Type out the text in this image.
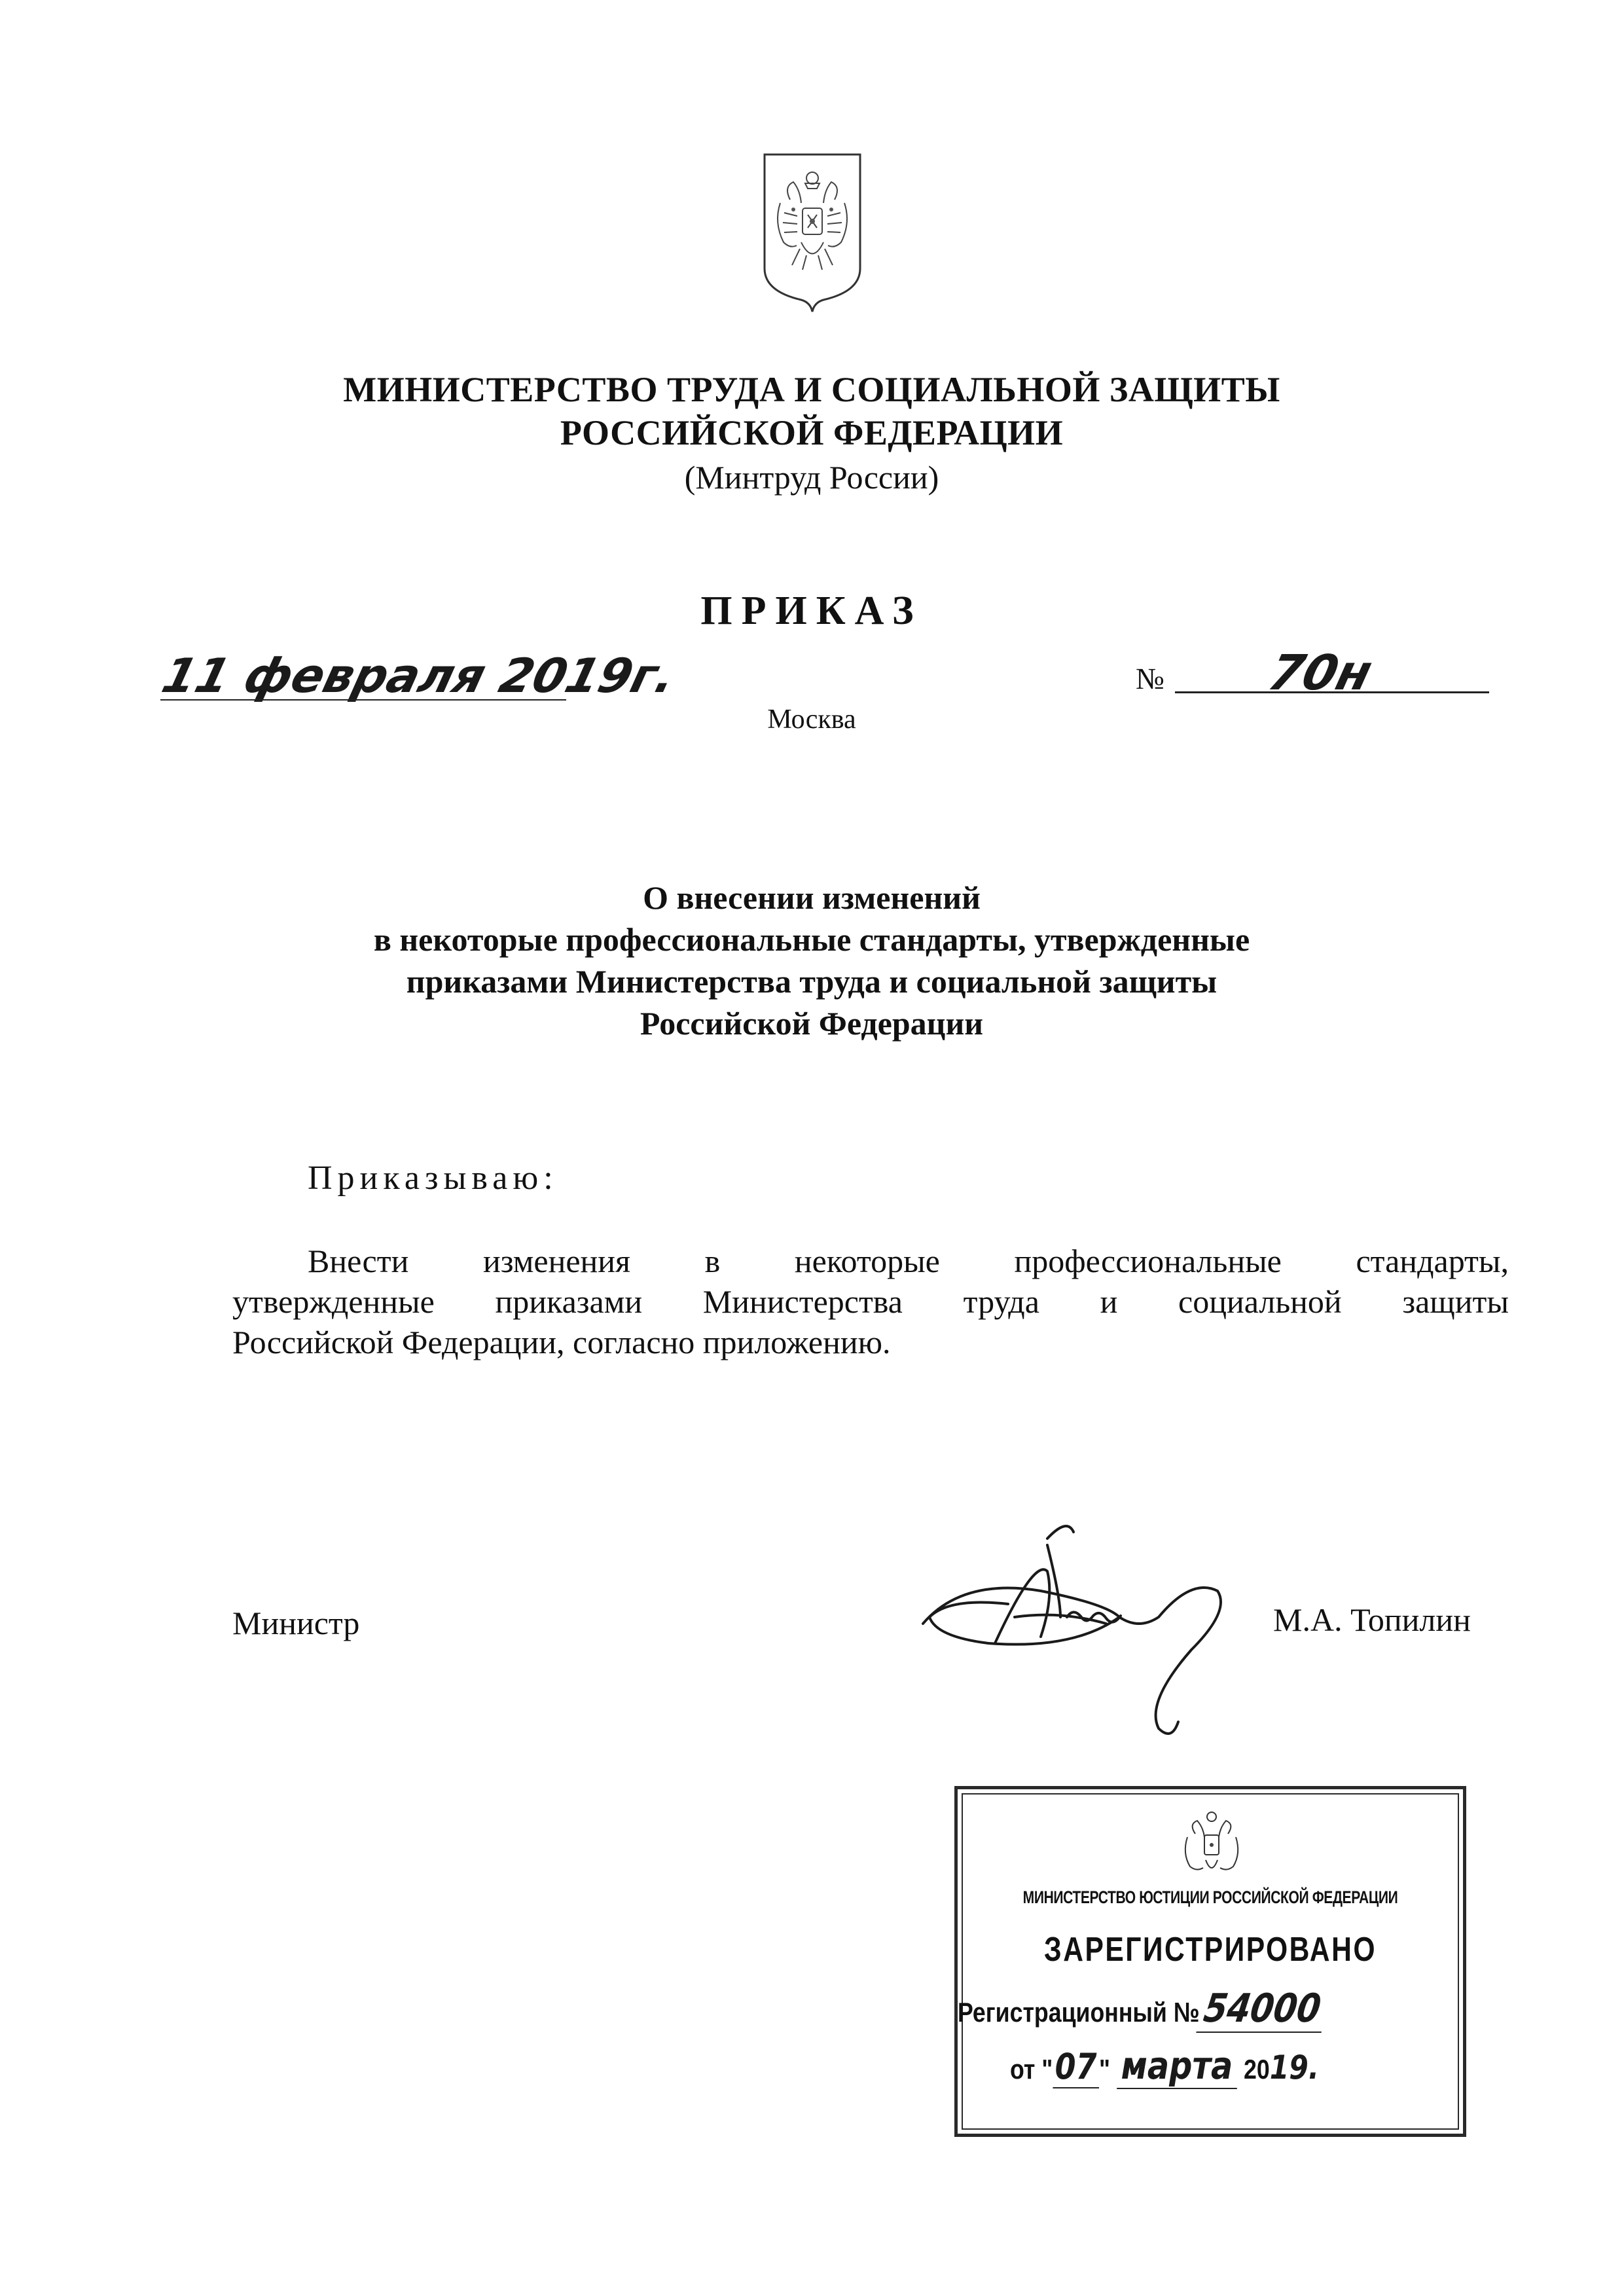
МИНИСТЕРСТВО ТРУДА И СОЦИАЛЬНОЙ ЗАЩИТЫ
РОССИЙСКОЙ ФЕДЕРАЦИИ
(Минтруд России)
ПРИКАЗ
11 февраля 2019г.	№ 70н
Москва
О внесении изменений
в некоторые профессиональные стандарты, утвержденные
приказами Министерства труда и социальной защиты
Российской Федерации
Приказываю:
Внести изменения в некоторые профессиональные стандарты,
утвержденные приказами Министерства труда и социальной защиты
Российской Федерации, согласно приложению.
Министр	М.А. Топилин
МИНИСТЕРСТВО ЮСТИЦИИ РОССИЙСКОЙ ФЕДЕРАЦИИ
ЗАРЕГИСТРИРОВАНО
Регистрационный №54000
от "07" марта 2019.
